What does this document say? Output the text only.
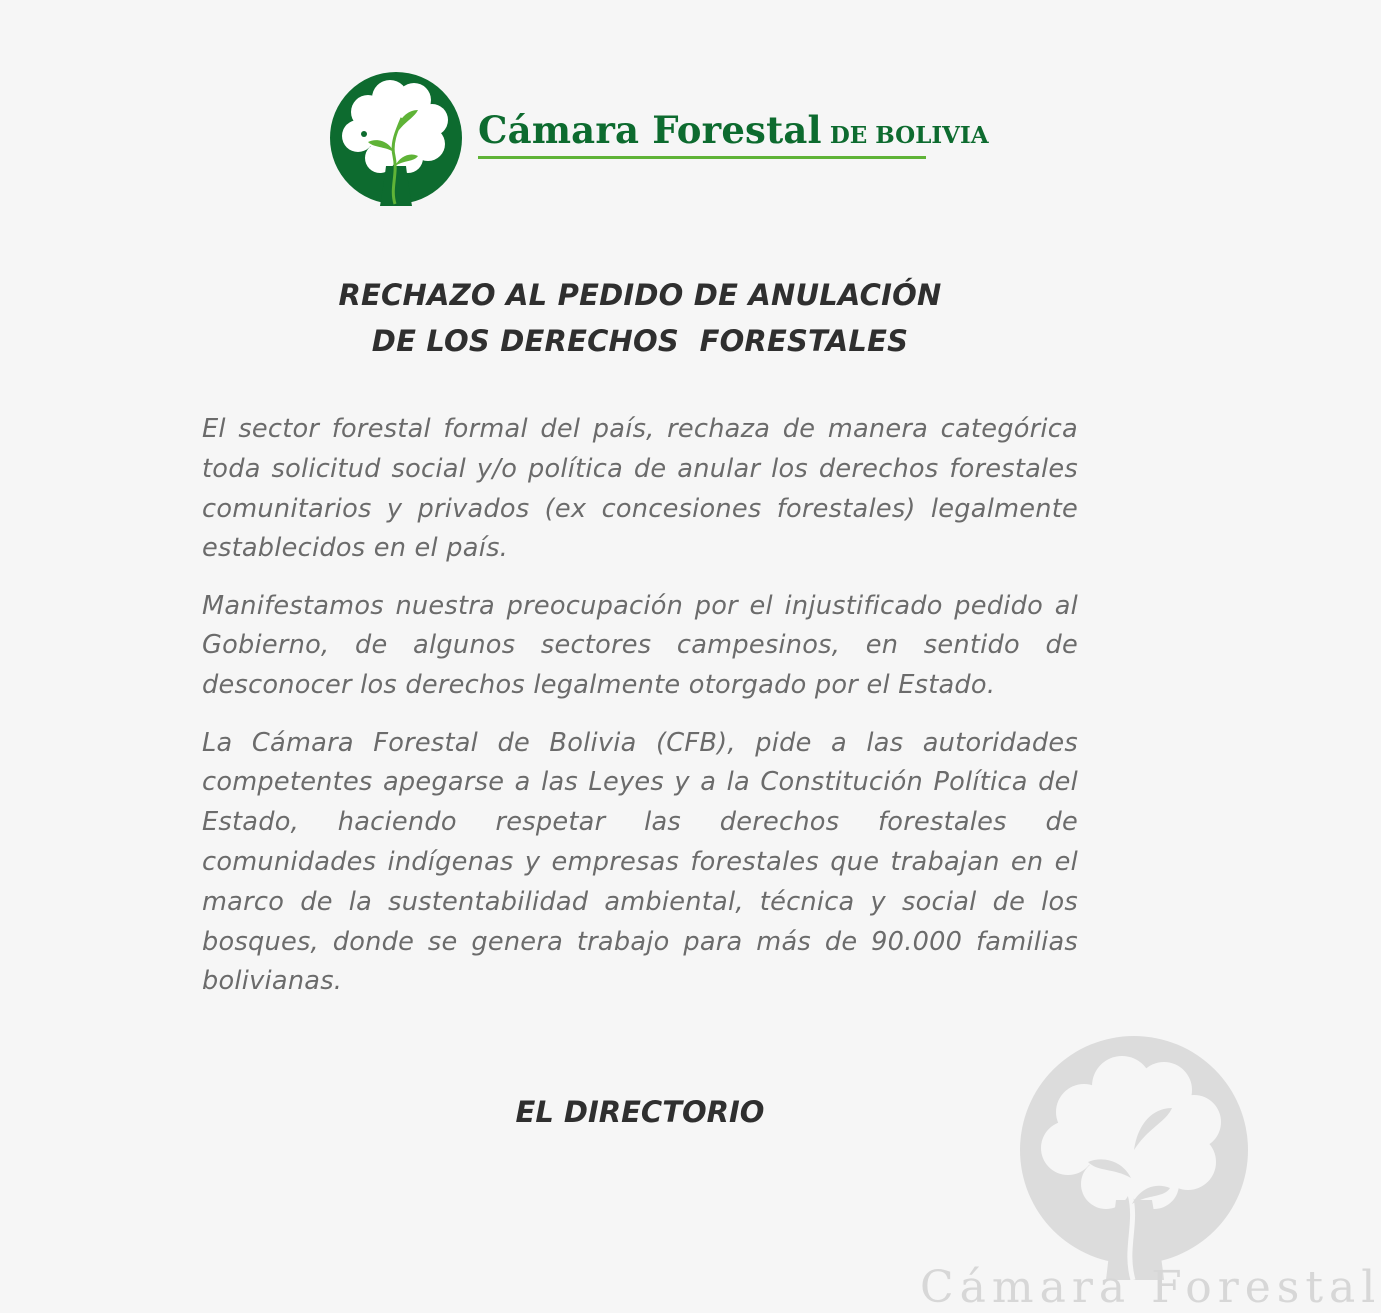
Cámara Forestal DE BOLIVIA
RECHAZO AL PEDIDO DE ANULACIÓN
DE LOS DERECHOS  FORESTALES

El sector forestal formal del país, rechaza de manera categórica toda solicitud social y/o política de anular los derechos forestales comunitarios y privados (ex concesiones forestales) legalmente establecidos en el país.

Manifestamos nuestra preocupación por el injustificado pedido al Gobierno, de algunos sectores campesinos, en sentido de desconocer los derechos legalmente otorgado por el Estado.

La Cámara Forestal de Bolivia (CFB), pide a las autoridades competentes apegarse a las Leyes y a la Constitución Política del Estado, haciendo respetar las derechos forestales de comunidades indígenas y empresas forestales que trabajan en el marco de la sustentabilidad ambiental, técnica y social de los bosques, donde se genera trabajo para más de 90.000 familias bolivianas.

EL DIRECTORIO
Cámara Forestal
